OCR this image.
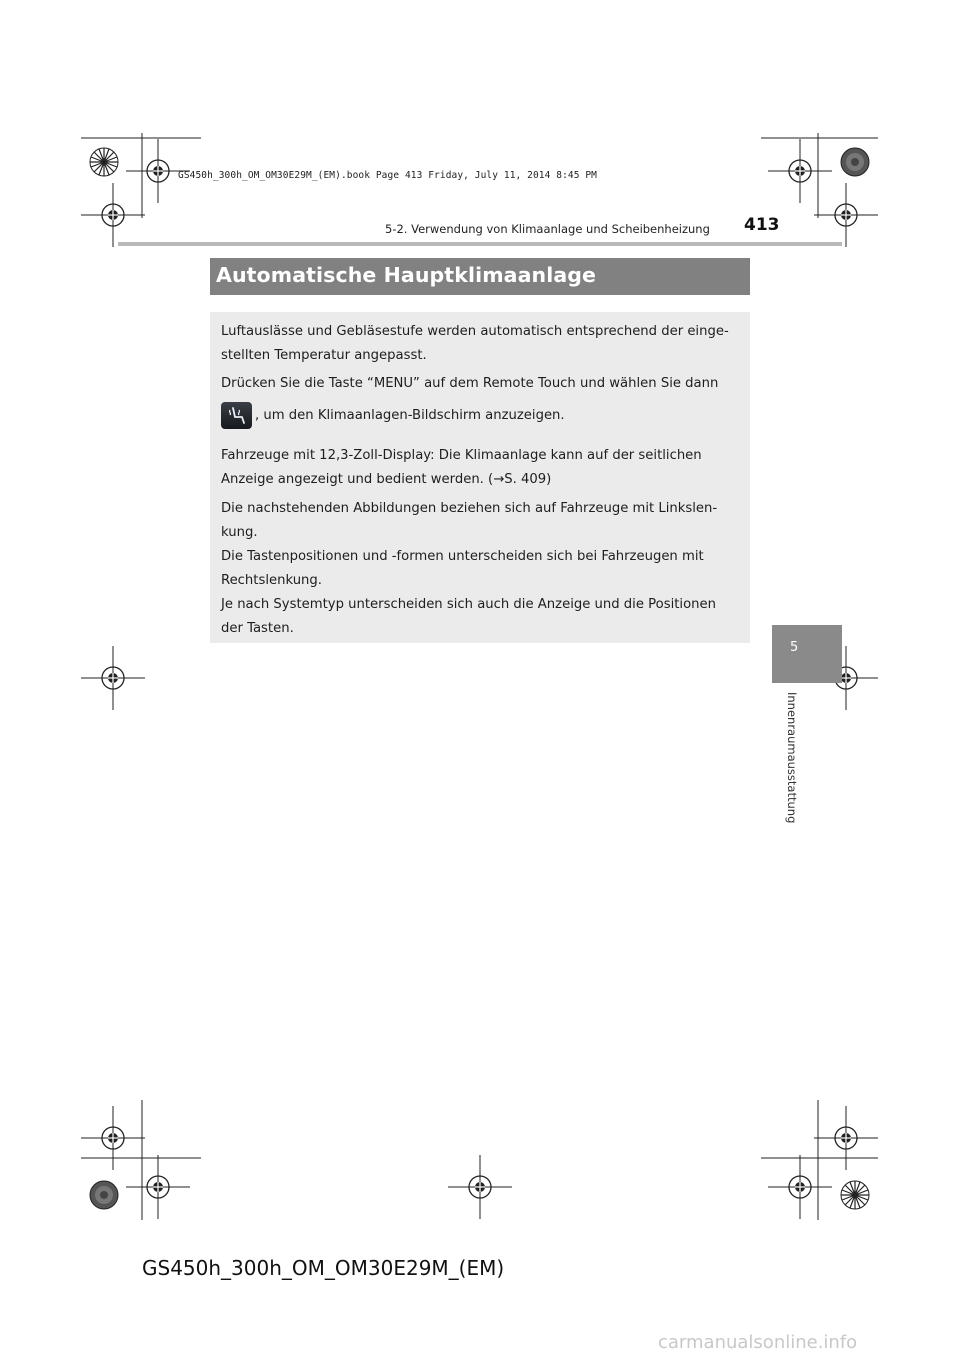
GS450h_300h_OM_OM30E29M_(EM).book Page 413 Friday, July 11, 2014 8:45 PM
5-2. Verwendung von Klimaanlage und Scheibenheizung 413
Automatische Hauptklimaanlage
Luftauslässe und Gebläsestufe werden automatisch entsprechend der einge-
stellten Temperatur angepasst.
Drücken Sie die Taste “MENU” auf dem Remote Touch und wählen Sie dann
, um den Klimaanlagen-Bildschirm anzuzeigen.
Fahrzeuge mit 12,3-Zoll-Display: Die Klimaanlage kann auf der seitlichen
Anzeige angezeigt und bedient werden. (→S. 409)
Die nachstehenden Abbildungen beziehen sich auf Fahrzeuge mit Linkslen-
kung.
Die Tastenpositionen und -formen unterscheiden sich bei Fahrzeugen mit
Rechtslenkung.
Je nach Systemtyp unterscheiden sich auch die Anzeige und die Positionen
der Tasten.
5
Innenraumausstattung
GS450h_300h_OM_OM30E29M_(EM)
carmanualsonline.info
